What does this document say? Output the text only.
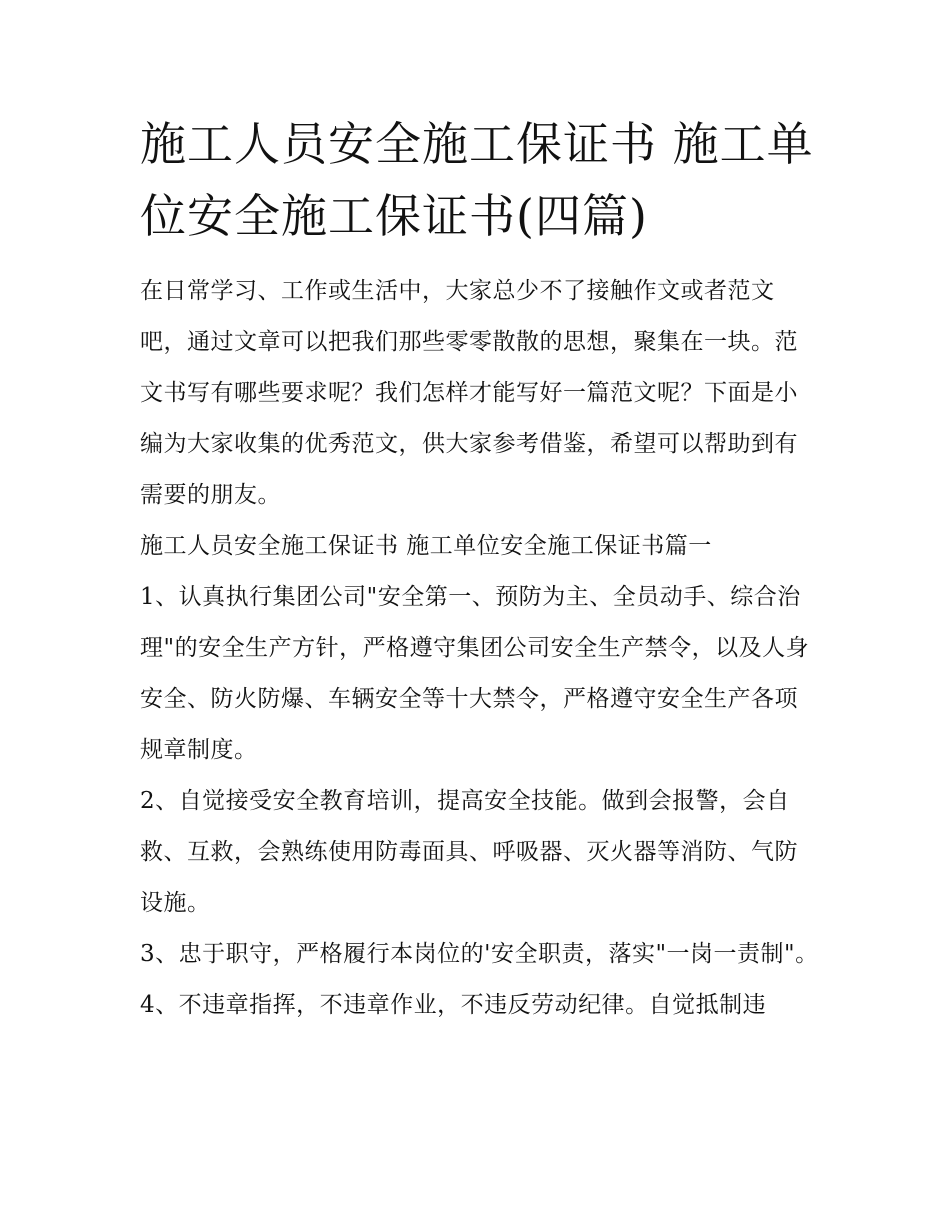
施工人员安全施工保证书 施工单位安全施工保证书(四篇)

在日常学习、工作或生活中，大家总少不了接触作文或者范文吧，通过文章可以把我们那些零零散散的思想，聚集在一块。范文书写有哪些要求呢？我们怎样才能写好一篇范文呢？下面是小编为大家收集的优秀范文，供大家参考借鉴，希望可以帮助到有需要的朋友。

施工人员安全施工保证书 施工单位安全施工保证书篇一

1、认真执行集团公司"安全第一、预防为主、全员动手、综合治理"的安全生产方针，严格遵守集团公司安全生产禁令，以及人身安全、防火防爆、车辆安全等十大禁令，严格遵守安全生产各项规章制度。

2、自觉接受安全教育培训，提高安全技能。做到会报警，会自救、互救，会熟练使用防毒面具、呼吸器、灭火器等消防、气防设施。

3、忠于职守，严格履行本岗位的'安全职责，落实"一岗一责制"。

4、不违章指挥，不违章作业，不违反劳动纪律。自觉抵制违
